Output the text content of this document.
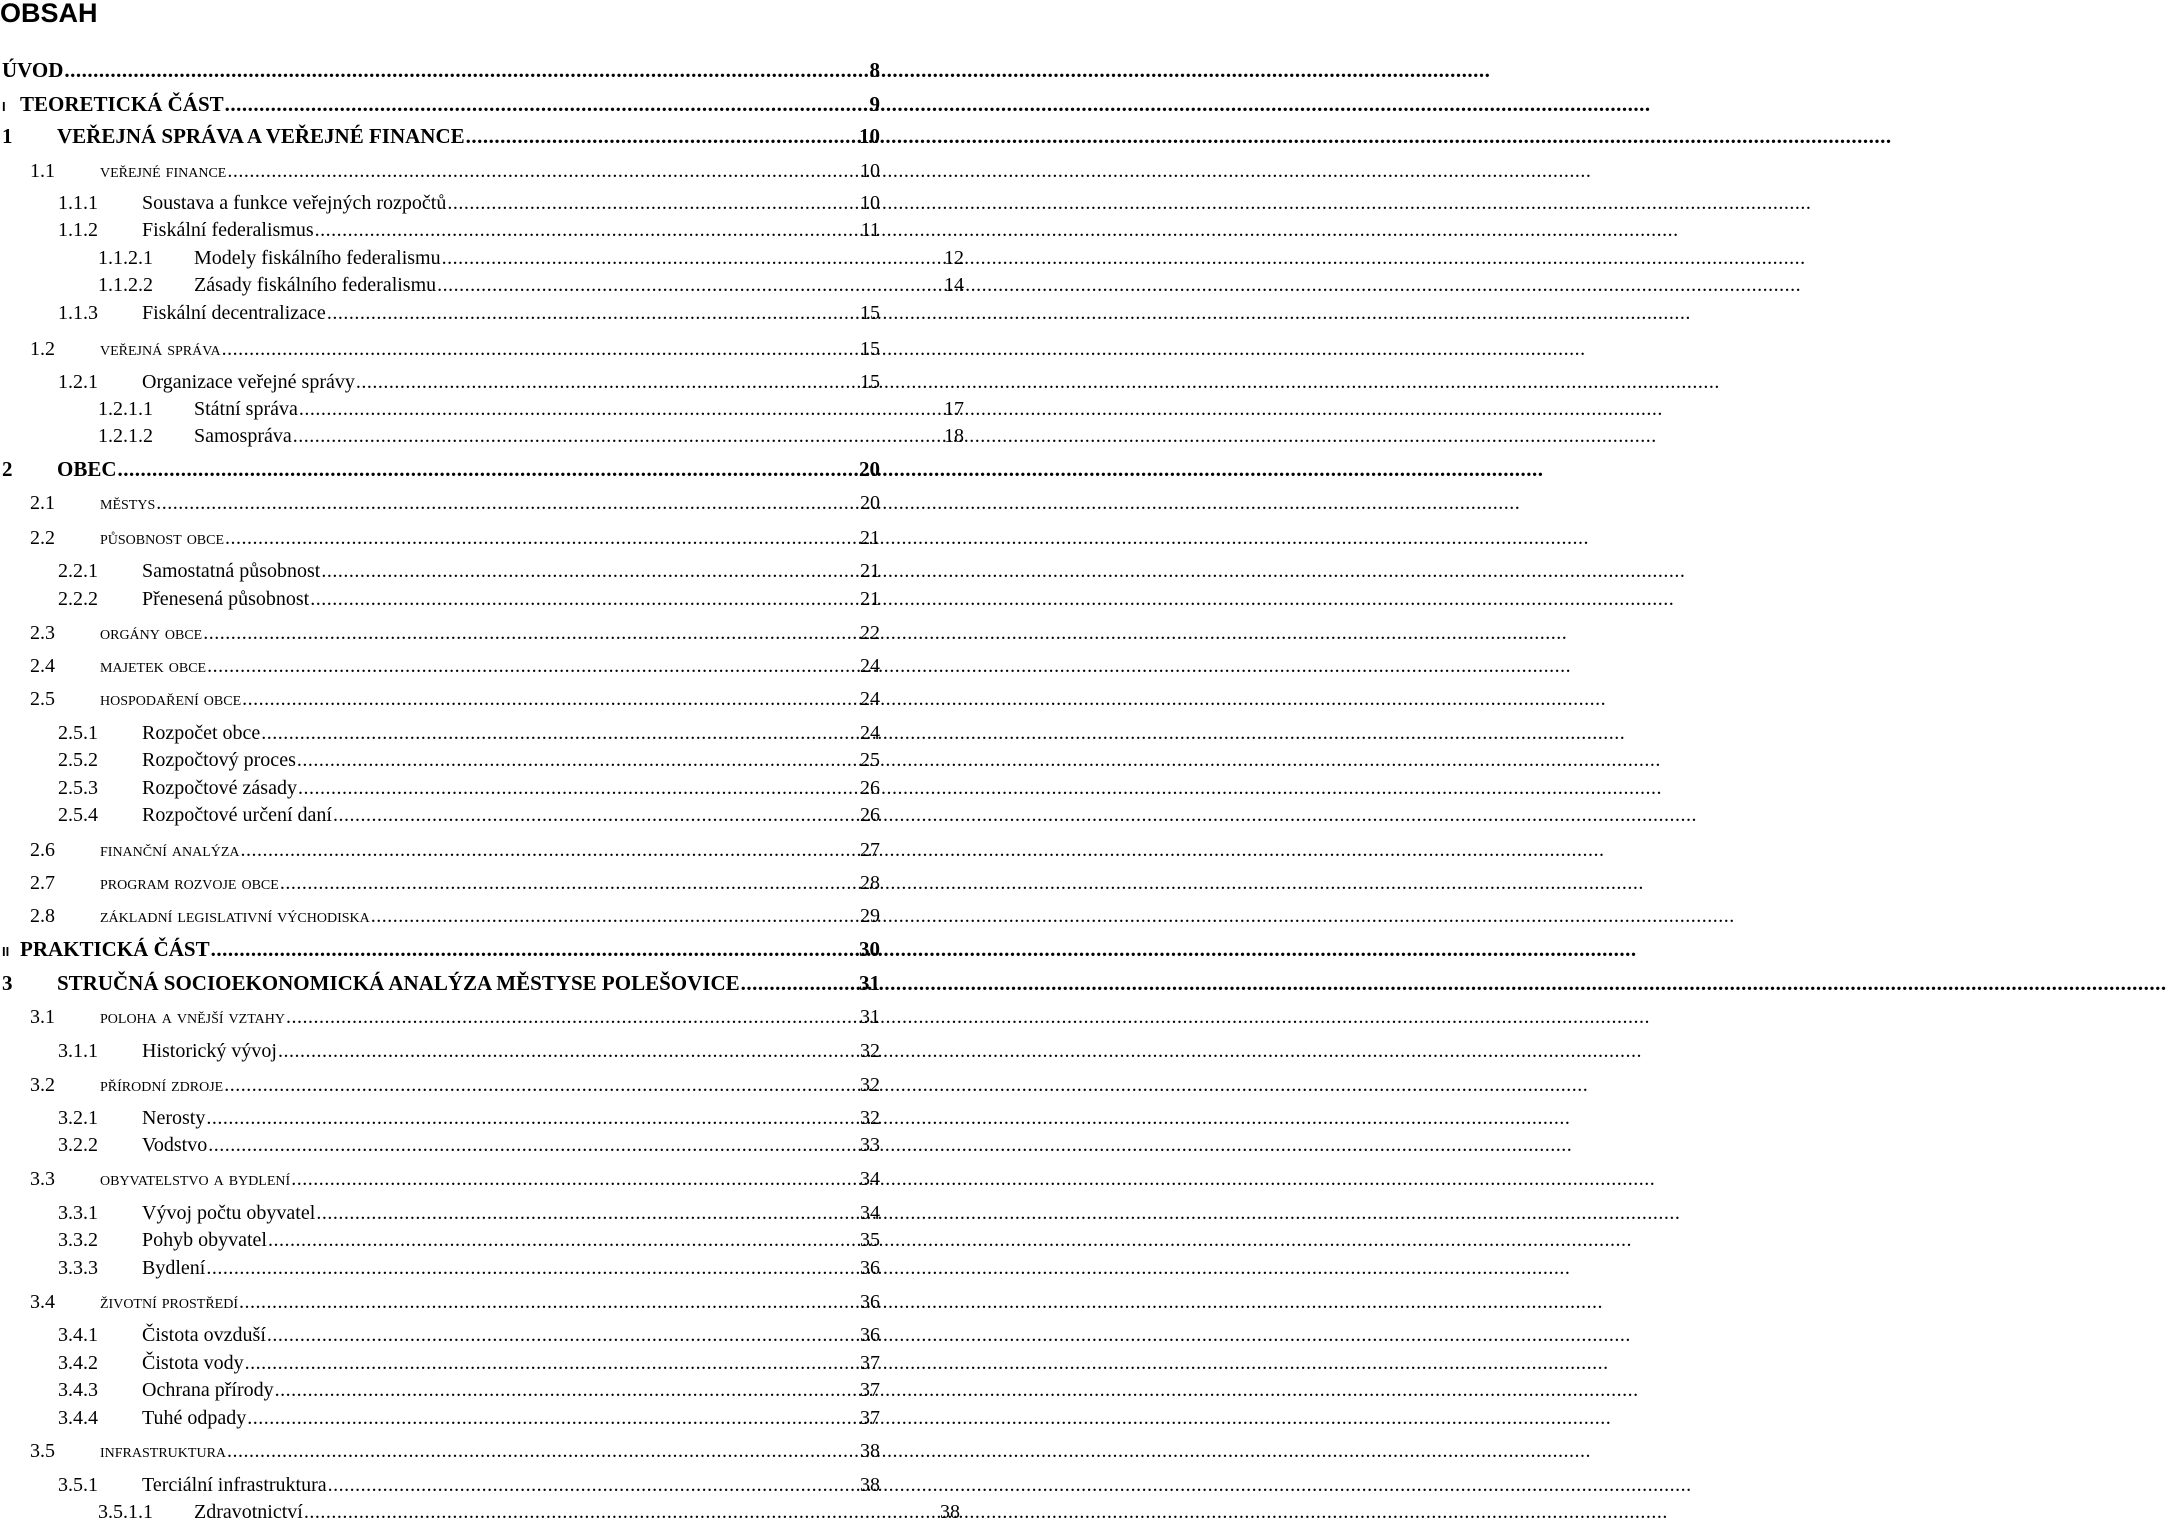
OBSAH
ÚVOD .....	8
I TEORETICKÁ ČÁST .....	9
1	VEŘEJNÁ SPRÁVA A VEŘEJNÉ FINANCE .....	10
1.1	veřejné finance .....	10
1.1.1	Soustava a funkce veřejných rozpočtů .....	10
1.1.2	Fiskální federalismus .....	11
1.1.2.1	Modely fiskálního federalismu .....	12
1.1.2.2	Zásady fiskálního federalismu .....	14
1.1.3	Fiskální decentralizace .....	15
1.2	veřejná správa .....	15
1.2.1	Organizace veřejné správy .....	15
1.2.1.1	Státní správa .....	17
1.2.1.2	Samospráva .....	18
2	OBEC .....	20
2.1	městys .....	20
2.2	působnost obce .....	21
2.2.1	Samostatná působnost .....	21
2.2.2	Přenesená působnost .....	21
2.3	orgány obce .....	22
2.4	majetek obce .....	24
2.5	hospodaření obce .....	24
2.5.1	Rozpočet obce .....	24
2.5.2	Rozpočtový proces .....	25
2.5.3	Rozpočtové zásady .....	26
2.5.4	Rozpočtové určení daní .....	26
2.6	finanční analýza .....	27
2.7	program rozvoje obce .....	28
2.8	základní legislativní východiska .....	29
II PRAKTICKÁ ČÁST .....	30
3	STRUČNÁ SOCIOEKONOMICKÁ ANALÝZA MĚSTYSE POLEŠOVICE .....	31
3.1	poloha a vnější vztahy .....	31
3.1.1	Historický vývoj .....	32
3.2	přírodní zdroje .....	32
3.2.1	Nerosty .....	32
3.2.2	Vodstvo .....	33
3.3	obyvatelstvo a bydlení .....	34
3.3.1	Vývoj počtu obyvatel .....	34
3.3.2	Pohyb obyvatel .....	35
3.3.3	Bydlení .....	36
3.4	životní prostředí .....	36
3.4.1	Čistota ovzduší .....	36
3.4.2	Čistota vody .....	37
3.4.3	Ochrana přírody .....	37
3.4.4	Tuhé odpady .....	37
3.5	infrastruktura .....	38
3.5.1	Terciální infrastruktura .....	38
3.5.1.1	Zdravotnictví .....	38
